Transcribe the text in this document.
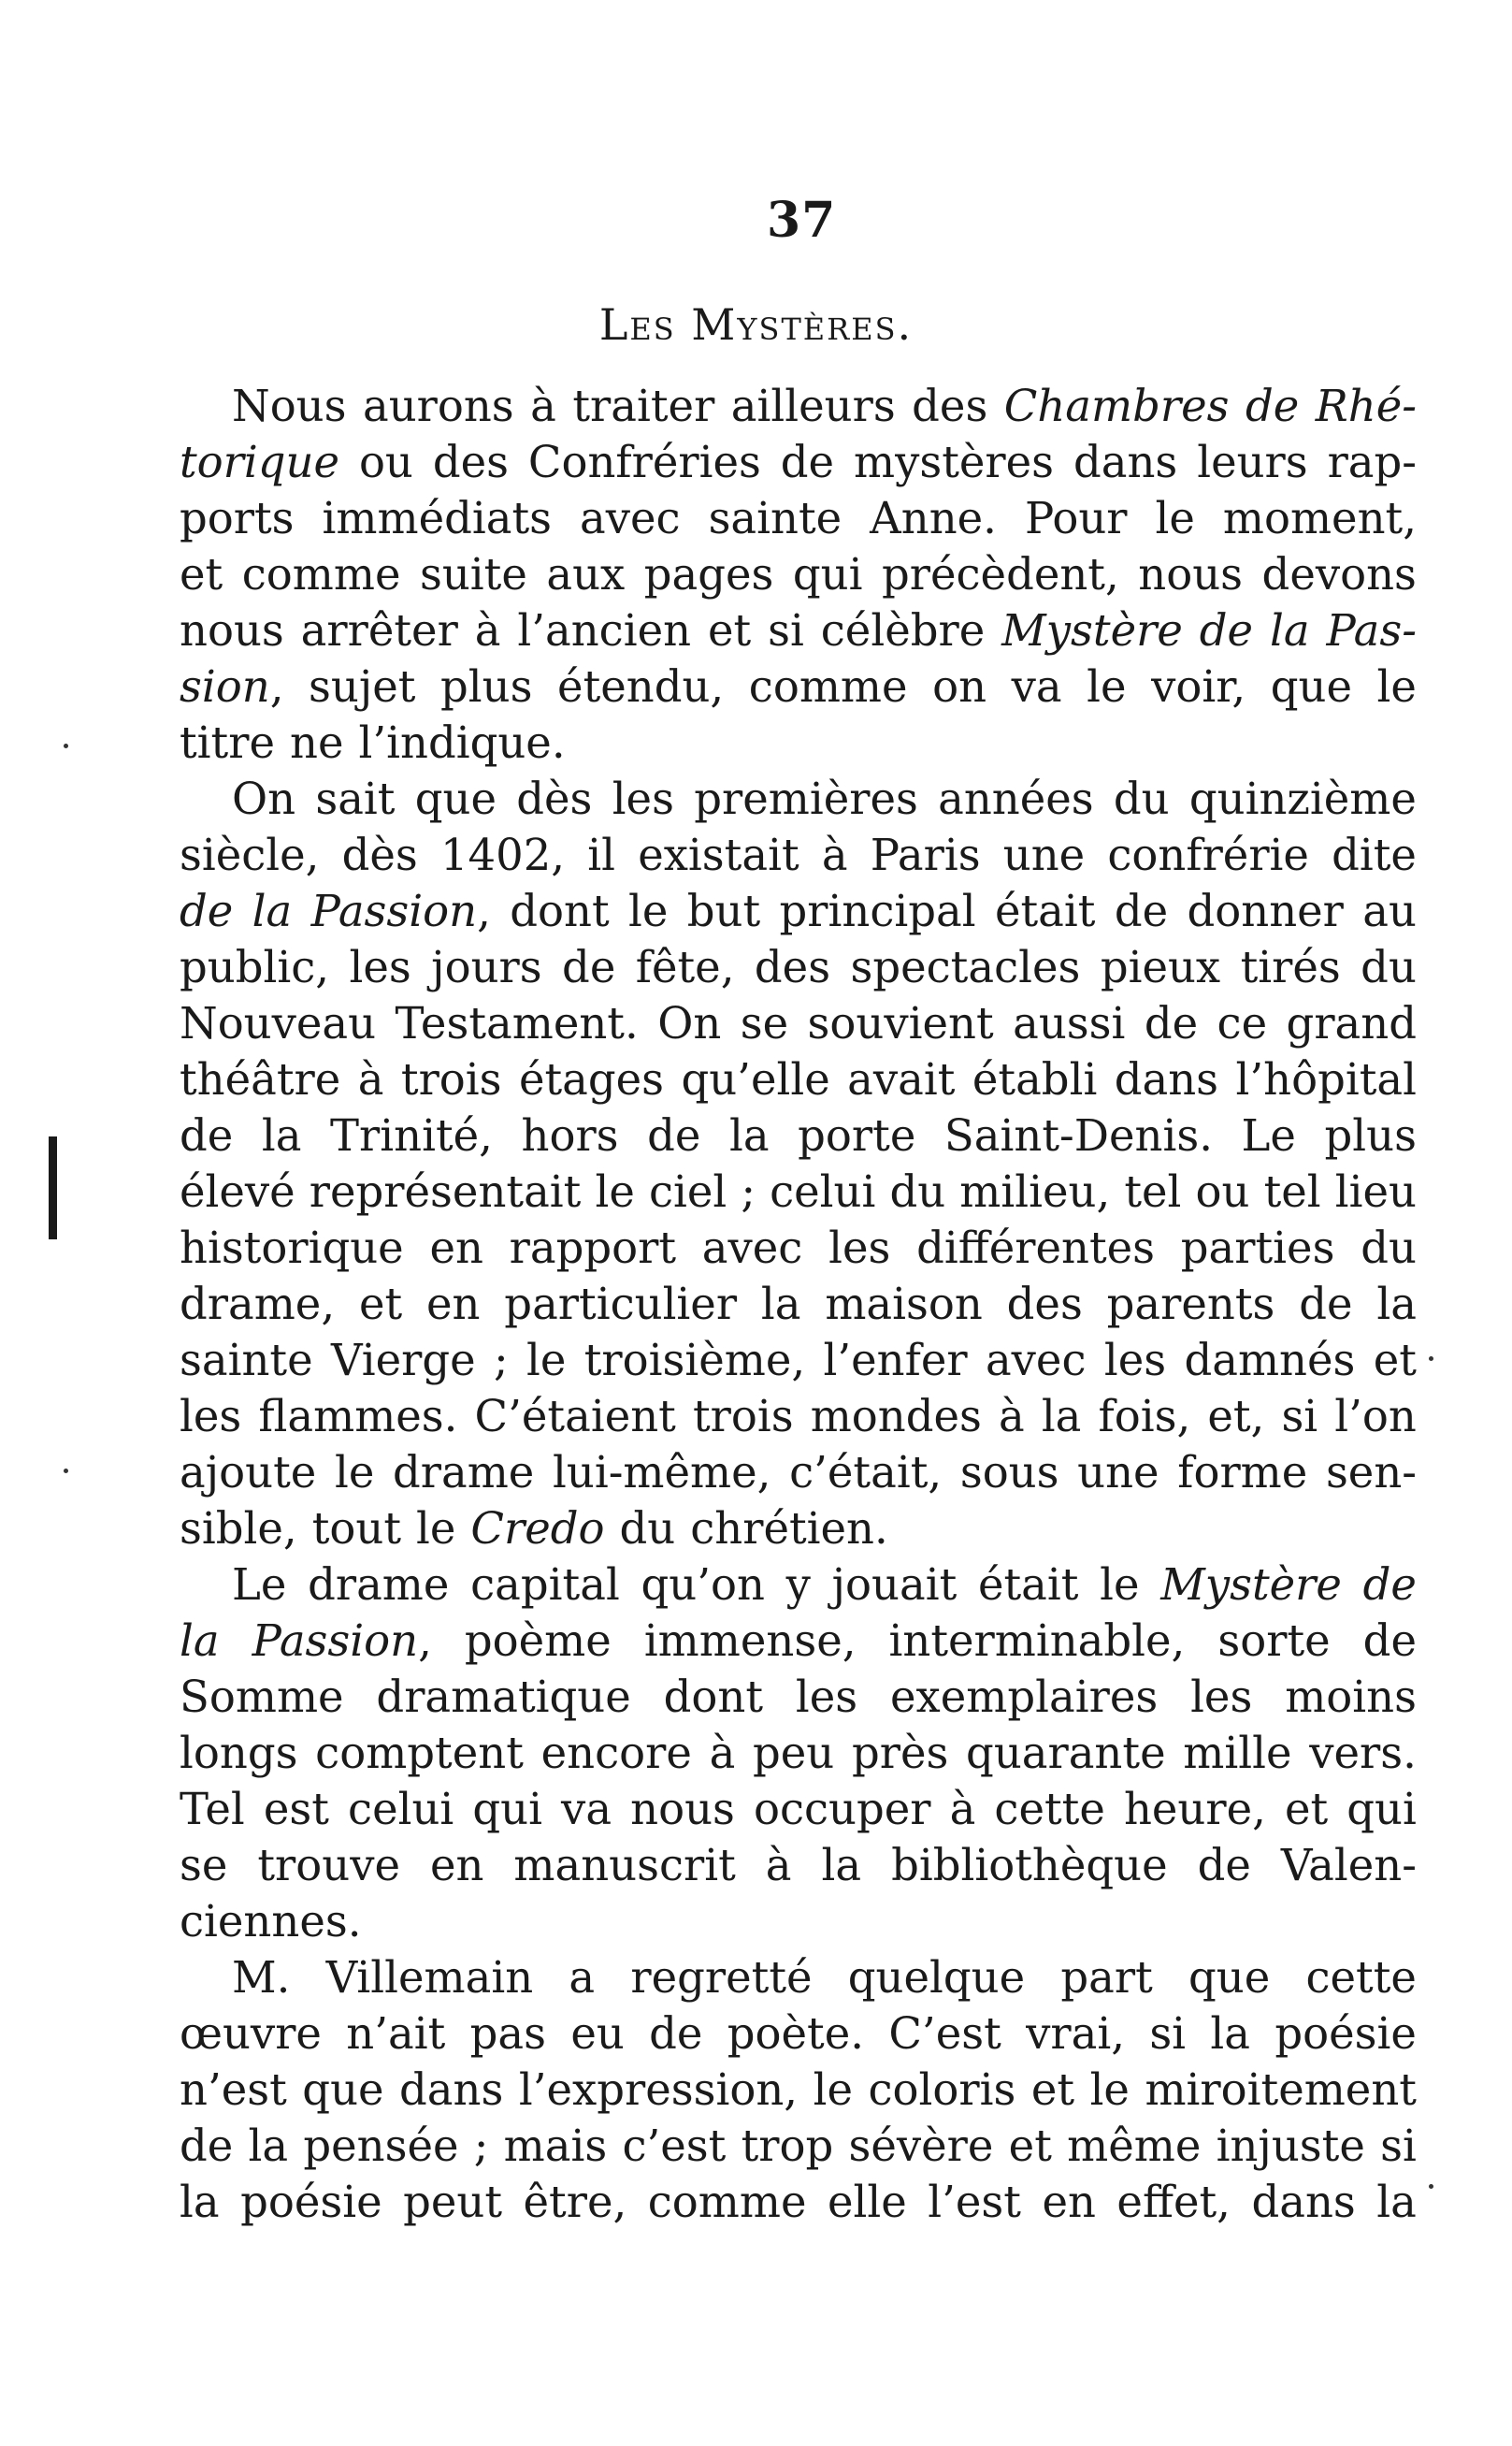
37
Les Mystères.
Nous aurons à traiter ailleurs des Chambres de Rhé-
torique ou des Confréries de mystères dans leurs rap-
ports immédiats avec sainte Anne. Pour le moment,
et comme suite aux pages qui précèdent, nous devons
nous arrêter à l’ancien et si célèbre Mystère de la Pas-
sion, sujet plus étendu, comme on va le voir, que le
titre ne l’indique.
On sait que dès les premières années du quinzième
siècle, dès 1402, il existait à Paris une confrérie dite
de la Passion, dont le but principal était de donner au
public, les jours de fête, des spectacles pieux tirés du
Nouveau Testament. On se souvient aussi de ce grand
théâtre à trois étages qu’elle avait établi dans l’hôpital
de la Trinité, hors de la porte Saint-Denis. Le plus
élevé représentait le ciel ; celui du milieu, tel ou tel lieu
historique en rapport avec les différentes parties du
drame, et en particulier la maison des parents de la
sainte Vierge ; le troisième, l’enfer avec les damnés et
les flammes. C’étaient trois mondes à la fois, et, si l’on
ajoute le drame lui-même, c’était, sous une forme sen-
sible, tout le Credo du chrétien.
Le drame capital qu’on y jouait était le Mystère de
la Passion, poème immense, interminable, sorte de
Somme dramatique dont les exemplaires les moins
longs comptent encore à peu près quarante mille vers.
Tel est celui qui va nous occuper à cette heure, et qui
se trouve en manuscrit à la bibliothèque de Valen-
ciennes.
M. Villemain a regretté quelque part que cette
œuvre n’ait pas eu de poète. C’est vrai, si la poésie
n’est que dans l’expression, le coloris et le miroitement
de la pensée ; mais c’est trop sévère et même injuste si
la poésie peut être, comme elle l’est en effet, dans la
